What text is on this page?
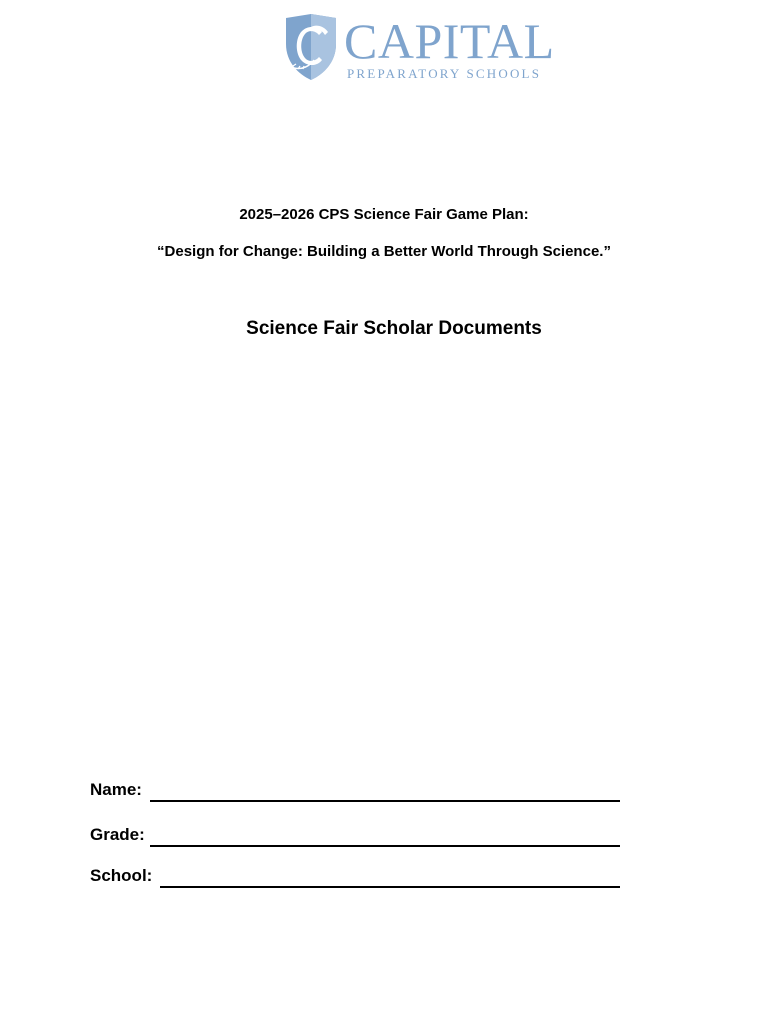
CAPITAL
PREPARATORY SCHOOLS
2025–2026 CPS Science Fair Game Plan:
“Design for Change: Building a Better World Through Science.”
Science Fair Scholar Documents
Name:
Grade:
School:
